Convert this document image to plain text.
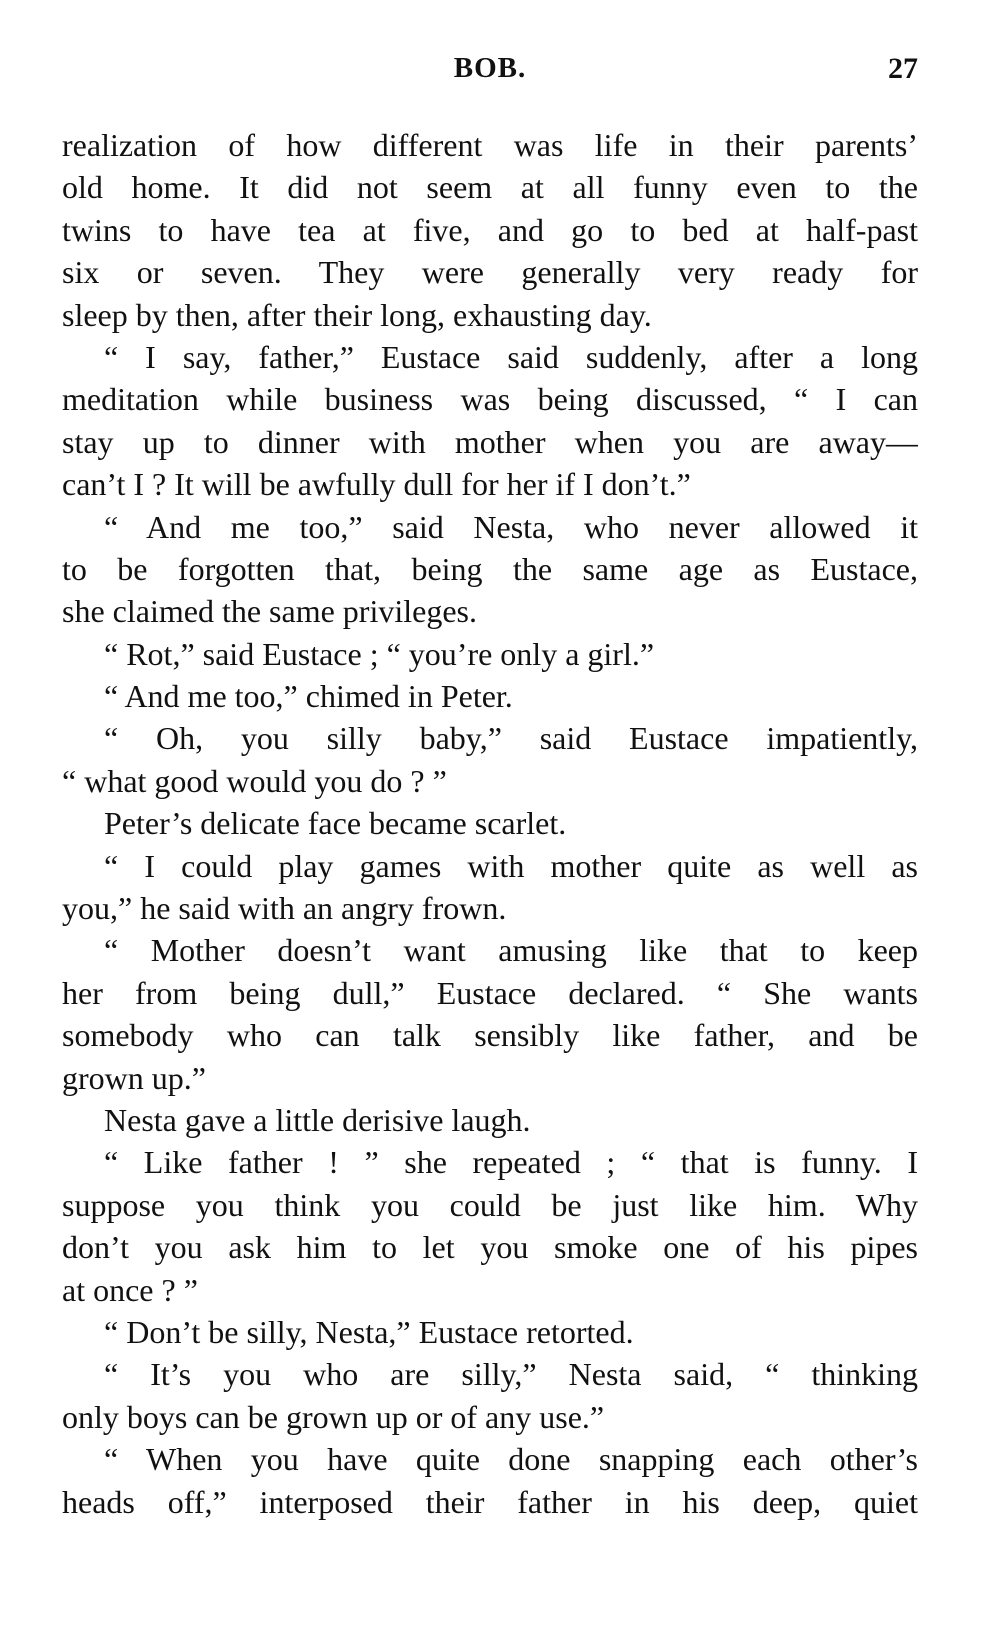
BOB.	27
realization of how different was life in their parents’
old home. It did not seem at all funny even to the
twins to have tea at five, and go to bed at half-past
six or seven. They were generally very ready for
sleep by then, after their long, exhausting day.
“ I say, father,” Eustace said suddenly, after a long
meditation while business was being discussed, “ I can
stay up to dinner with mother when you are away—
can’t I ? It will be awfully dull for her if I don’t.”
“ And me too,” said Nesta, who never allowed it
to be forgotten that, being the same age as Eustace,
she claimed the same privileges.
“ Rot,” said Eustace ; “ you’re only a girl.”
“ And me too,” chimed in Peter.
“ Oh, you silly baby,” said Eustace impatiently,
“ what good would you do ? ”
Peter’s delicate face became scarlet.
“ I could play games with mother quite as well as
you,” he said with an angry frown.
“ Mother doesn’t want amusing like that to keep
her from being dull,” Eustace declared. “ She wants
somebody who can talk sensibly like father, and be
grown up.”
Nesta gave a little derisive laugh.
“ Like father ! ” she repeated ; “ that is funny. I
suppose you think you could be just like him. Why
don’t you ask him to let you smoke one of his pipes
at once ? ”
“ Don’t be silly, Nesta,” Eustace retorted.
“ It’s you who are silly,” Nesta said, “ thinking
only boys can be grown up or of any use.”
“ When you have quite done snapping each other’s
heads off,” interposed their father in his deep, quiet
